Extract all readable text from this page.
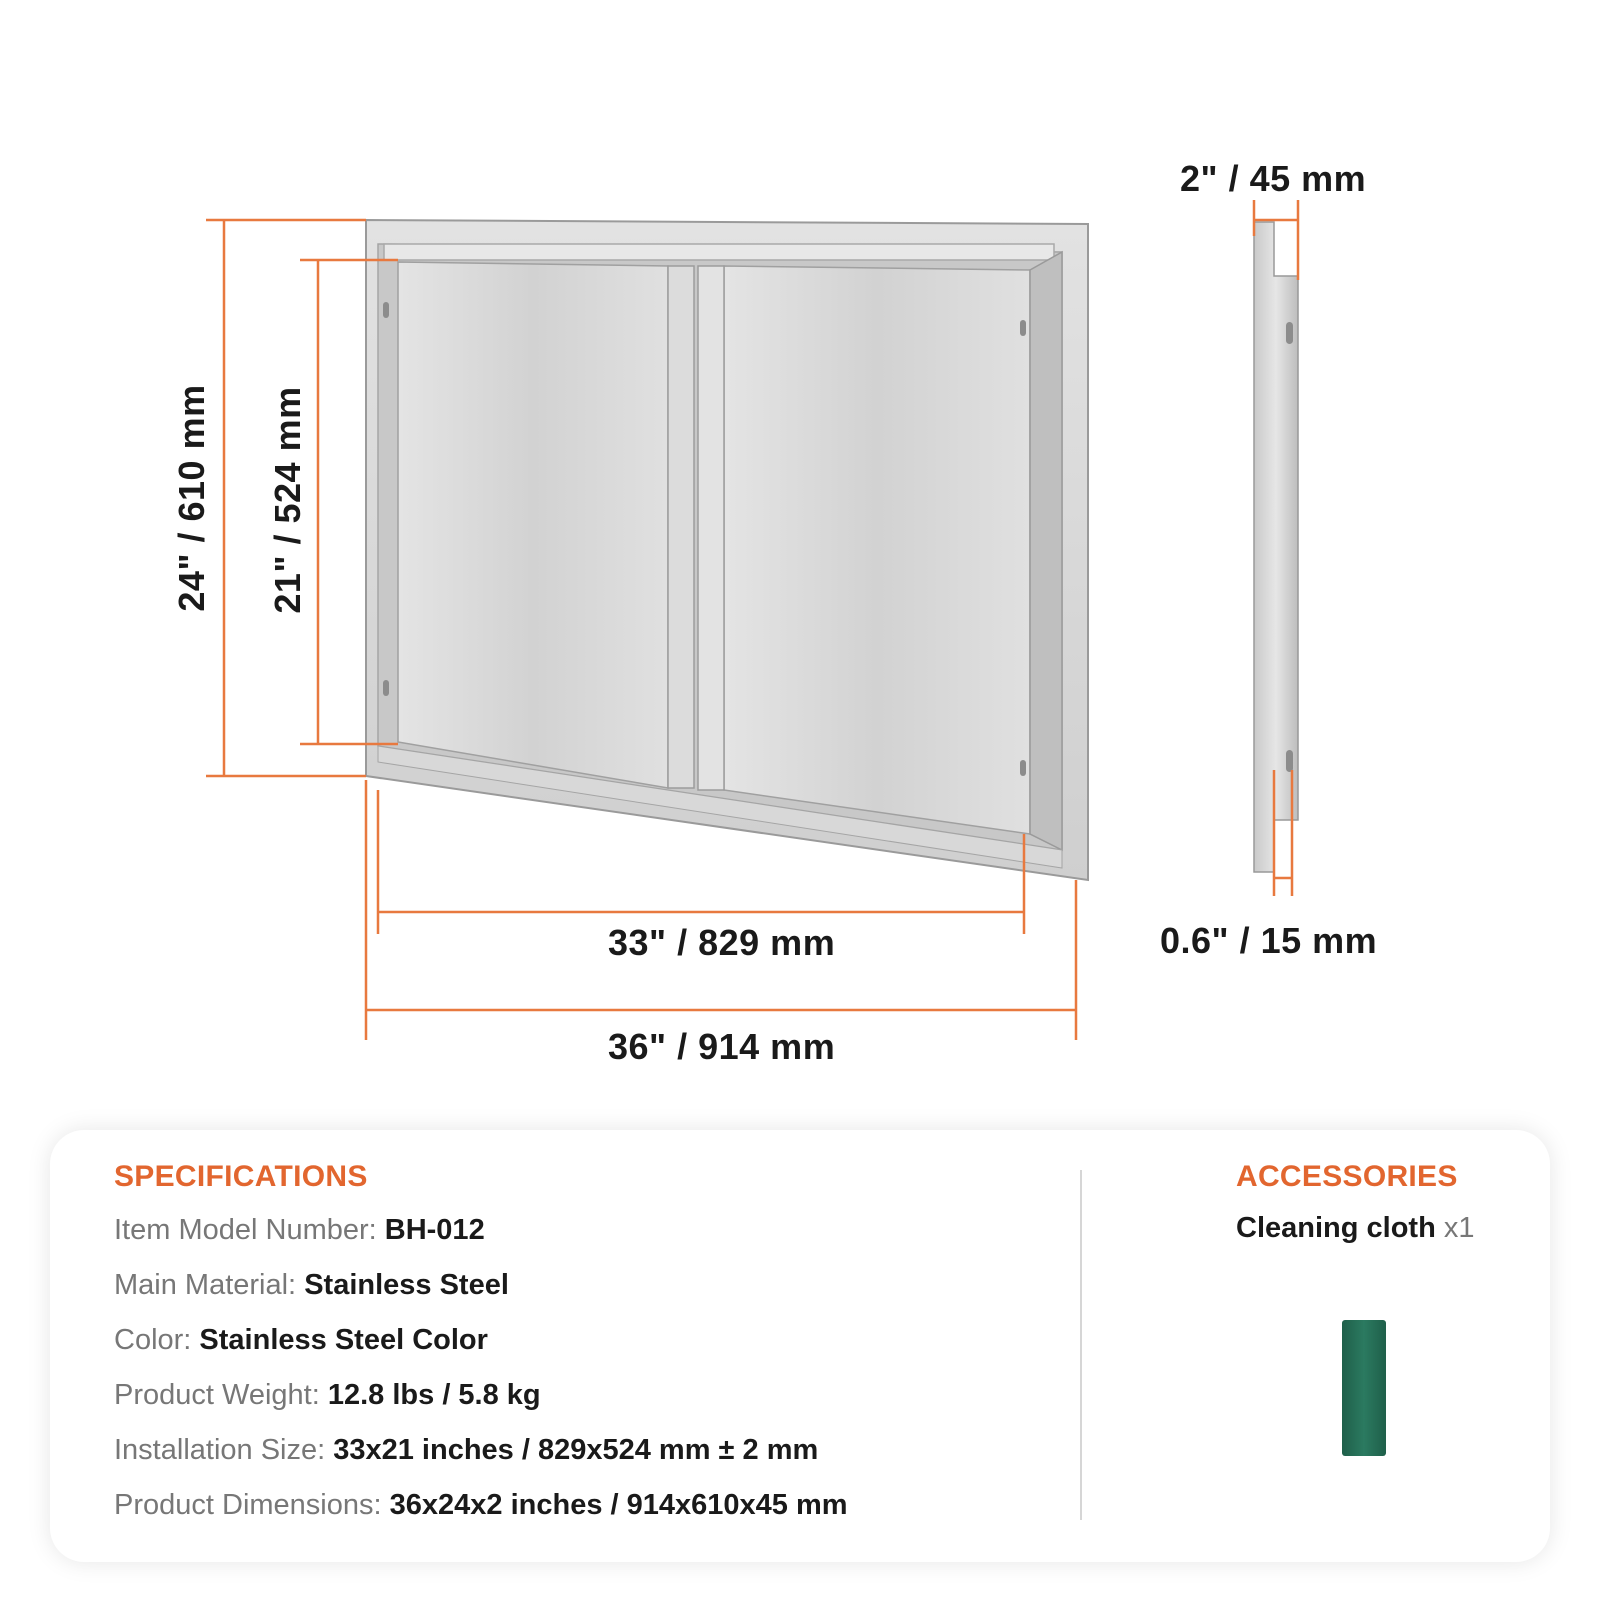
24" / 610 mm 21" / 524 mm
33" / 829 mm
36" / 914 mm
2" / 45 mm
0.6" / 15 mm
SPECIFICATIONS
Item Model Number: BH-012
Main Material: Stainless Steel
Color: Stainless Steel Color
Product Weight: 12.8 lbs / 5.8 kg
Installation Size: 33x21 inches / 829x524 mm ± 2 mm
Product Dimensions: 36x24x2 inches / 914x610x45 mm
ACCESSORIES
Cleaning cloth x1
